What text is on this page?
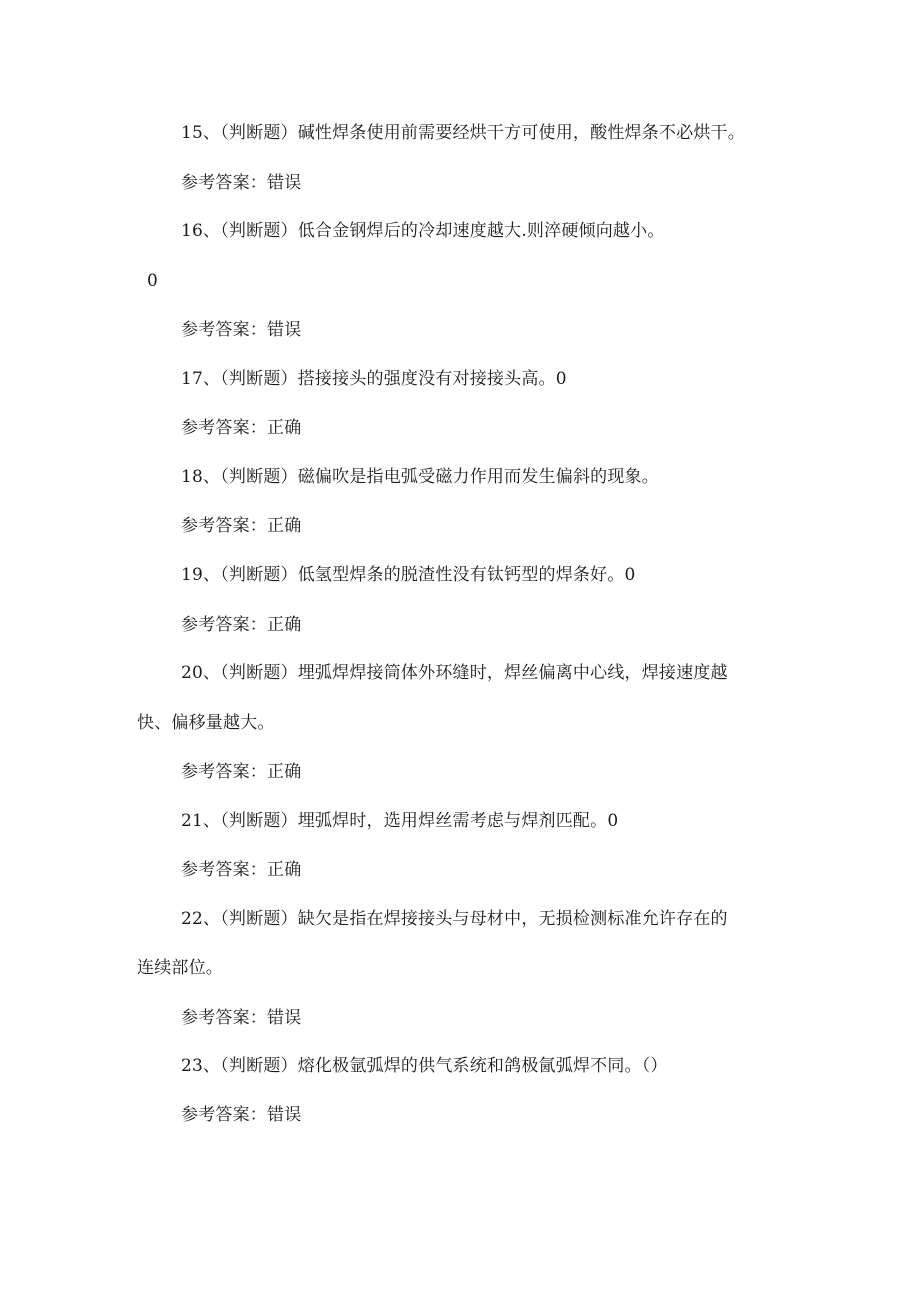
15、（判断题）碱性焊条使用前需要经烘干方可使用，酸性焊条不必烘干。
参考答案：错误
16、（判断题）低合金钢焊后的冷却速度越大.则淬硬倾向越小。
0
参考答案：错误
17、（判断题）搭接接头的强度没有对接接头高。0
参考答案：正确
18、（判断题）磁偏吹是指电弧受磁力作用而发生偏斜的现象。
参考答案：正确
19、（判断题）低氢型焊条的脱渣性没有钛钙型的焊条好。0
参考答案：正确
20、（判断题）埋弧焊焊接筒体外环缝时，焊丝偏离中心线，焊接速度越
快、偏移量越大。
参考答案：正确
21、（判断题）埋弧焊时，选用焊丝需考虑与焊剂匹配。0
参考答案：正确
22、（判断题）缺欠是指在焊接接头与母材中，无损检测标准允许存在的
连续部位。
参考答案：错误
23、（判断题）熔化极氩弧焊的供气系统和鸽极氤弧焊不同。（）
参考答案：错误
